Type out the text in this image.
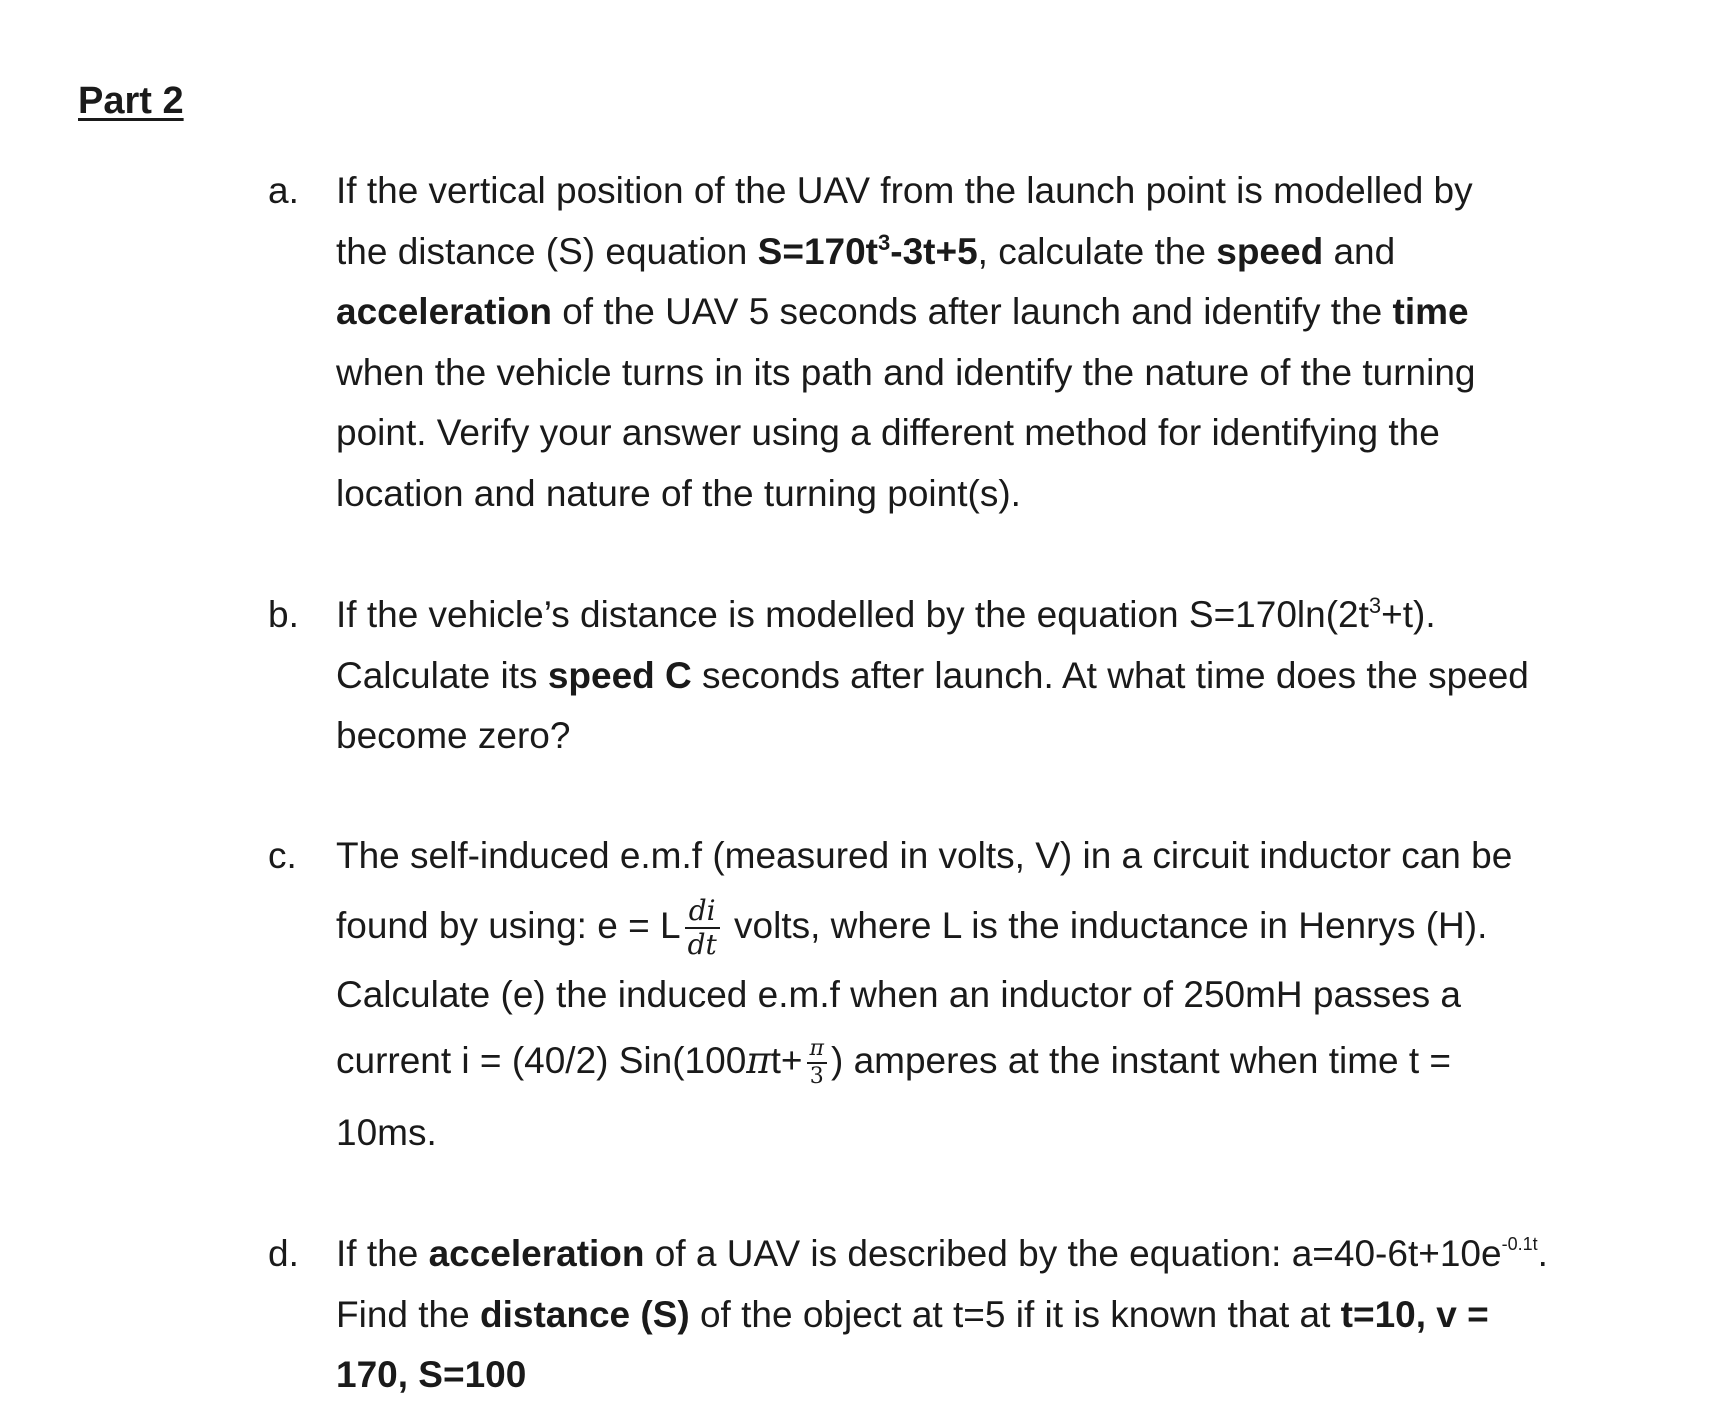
Part 2
a.	If the vertical position of the UAV from the launch point is modelled by
the distance (S) equation $S=170t^3-3t+5$, calculate the speed and
acceleration of the UAV 5 seconds after launch and identify the time
when the vehicle turns in its path and identify the nature of the turning
point. Verify your answer using a different method for identifying the
location and nature of the turning point(s).
b.	If the vehicle’s distance is modelled by the equation $S=170\ln(2t^3+t)$.
Calculate its speed C seconds after launch. At what time does the speed
become zero?
c.	The self-induced e.m.f (measured in volts, V) in a circuit inductor can be
found by using: e = L $\frac{di}{dt}$ volts, where L is the inductance in Henrys (H).
Calculate (e) the induced e.m.f when an inductor of 250mH passes a
current i = (40/2) $Sin(100\pi t+ \frac{\pi}{3}$ ) amperes at the instant when time t =
10ms.
d.	If the acceleration of a UAV is described by the equation: $a=40-6t+10e^{-0.1t}$.
Find the distance (S) of the object at t=5 if it is known that at t=10, v =
170, S=100
